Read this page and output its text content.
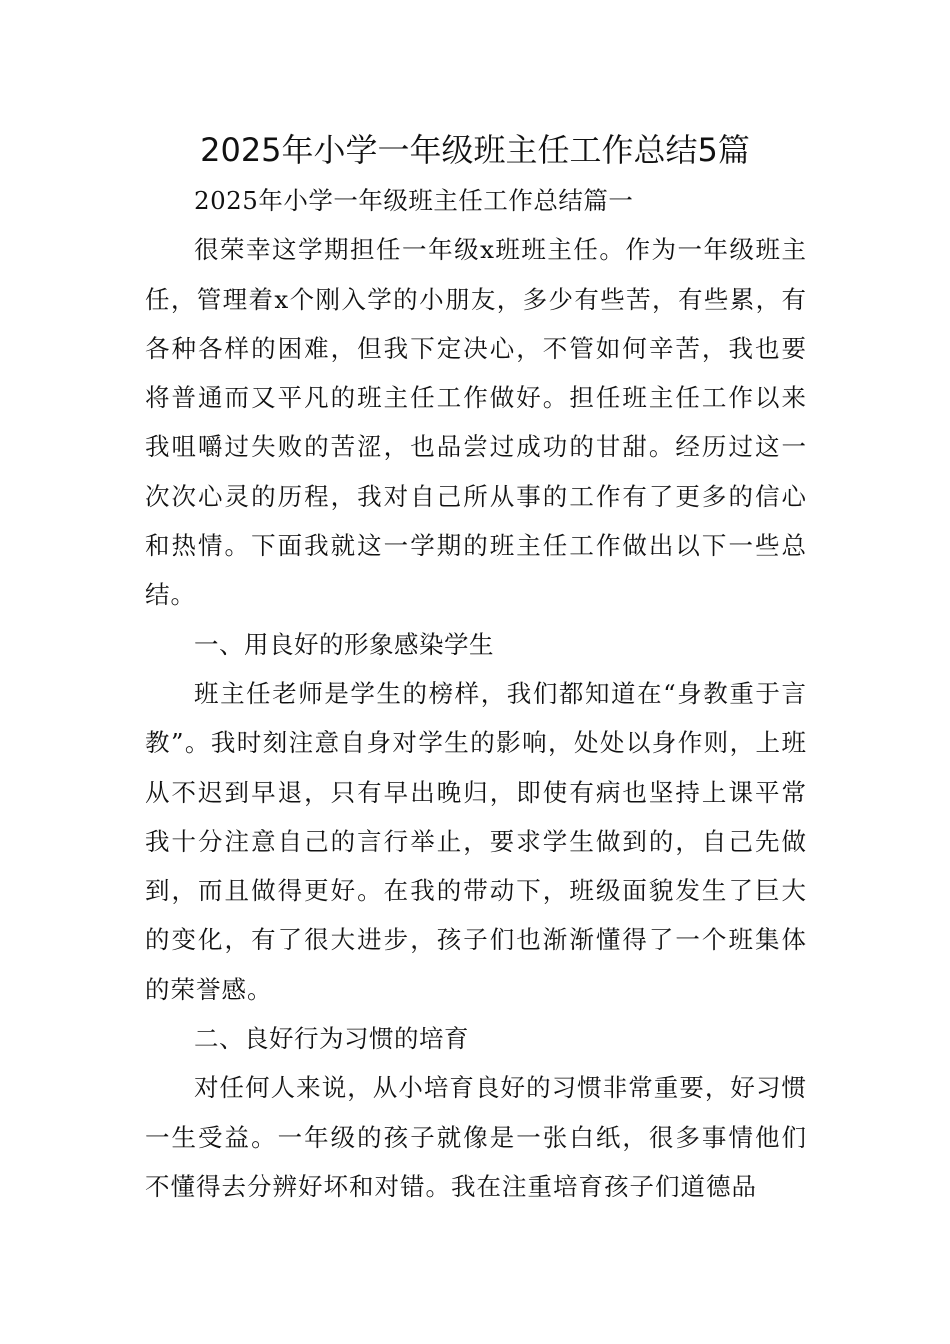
2025年小学一年级班主任工作总结5篇

2025年小学一年级班主任工作总结篇一

很荣幸这学期担任一年级x班班主任。作为一年级班主任，管理着x个刚入学的小朋友，多少有些苦，有些累，有各种各样的困难，但我下定决心，不管如何辛苦，我也要将普通而又平凡的班主任工作做好。担任班主任工作以来我咀嚼过失败的苦涩，也品尝过成功的甘甜。经历过这一次次心灵的历程，我对自己所从事的工作有了更多的信心和热情。下面我就这一学期的班主任工作做出以下一些总结。

一、用良好的形象感染学生

班主任老师是学生的榜样，我们都知道在“身教重于言教”。我时刻注意自身对学生的影响，处处以身作则，上班从不迟到早退，只有早出晚归，即使有病也坚持上课平常我十分注意自己的言行举止，要求学生做到的，自己先做到，而且做得更好。在我的带动下，班级面貌发生了巨大的变化，有了很大进步，孩子们也渐渐懂得了一个班集体的荣誉感。

二、良好行为习惯的培育

对任何人来说，从小培育良好的习惯非常重要，好习惯一生受益。一年级的孩子就像是一张白纸，很多事情他们不懂得去分辨好坏和对错。我在注重培育孩子们道德品
